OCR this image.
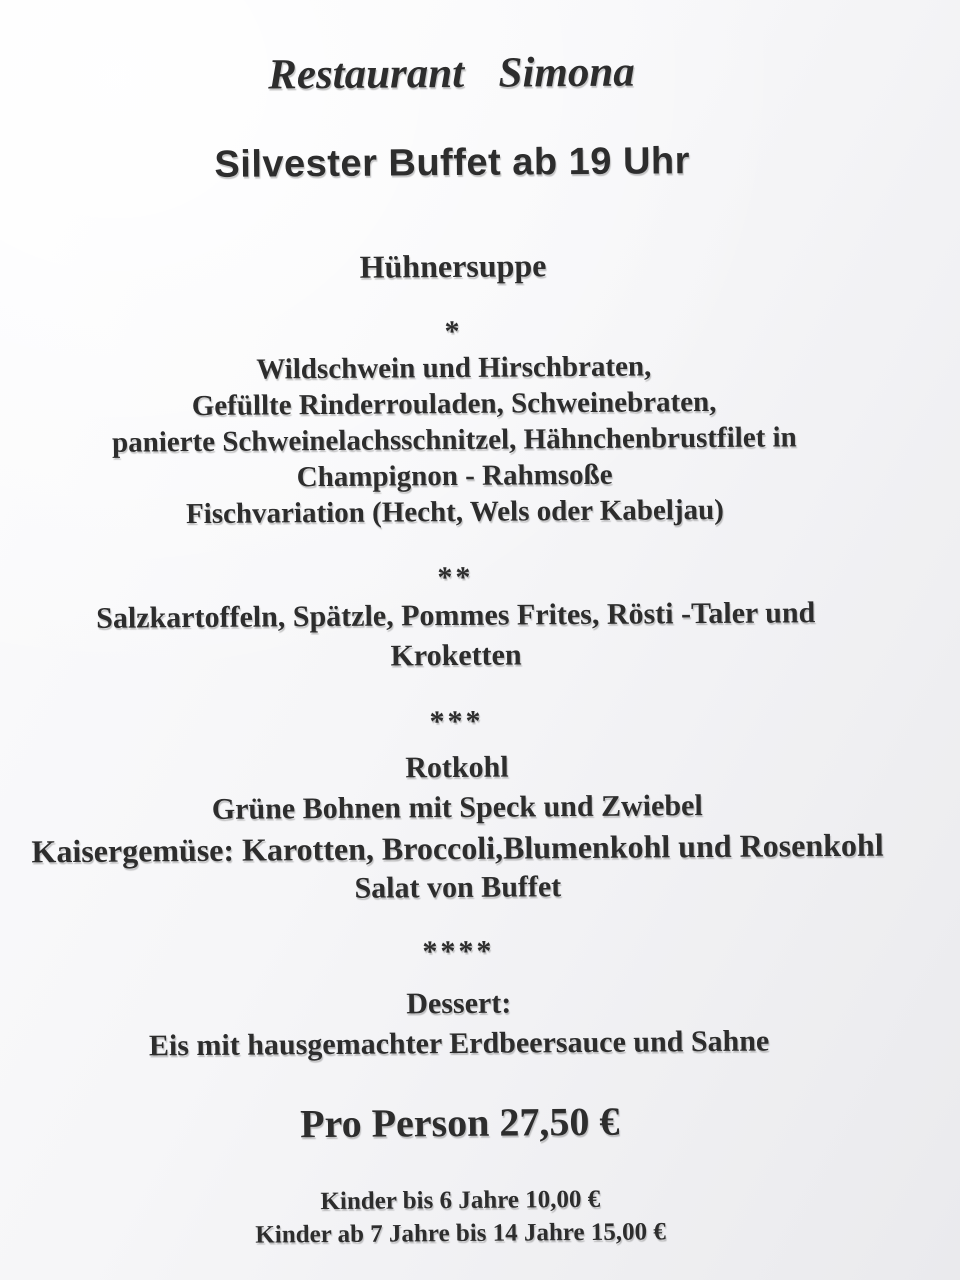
Restaurant Simona
Silvester Buffet ab 19 Uhr

Hühnersuppe

*

Wildschwein und Hirschbraten,

Gefüllte Rinderrouladen, Schweinebraten,

panierte Schweinelachsschnitzel, Hähnchenbrustfilet in

Champignon - Rahmsoße

Fischvariation (Hecht, Wels oder Kabeljau)

**

Salzkartoffeln, Spätzle, Pommes Frites, Rösti -Taler und

Kroketten

***

Rotkohl

Grüne Bohnen mit Speck und Zwiebel

Kaisergemüse: Karotten, Broccoli,Blumenkohl und Rosenkohl

Salat von Buffet

****

Dessert:

Eis mit hausgemachter Erdbeersauce und Sahne

Pro Person 27,50 €

Kinder bis 6 Jahre 10,00 €

Kinder ab 7 Jahre bis 14 Jahre 15,00 €
